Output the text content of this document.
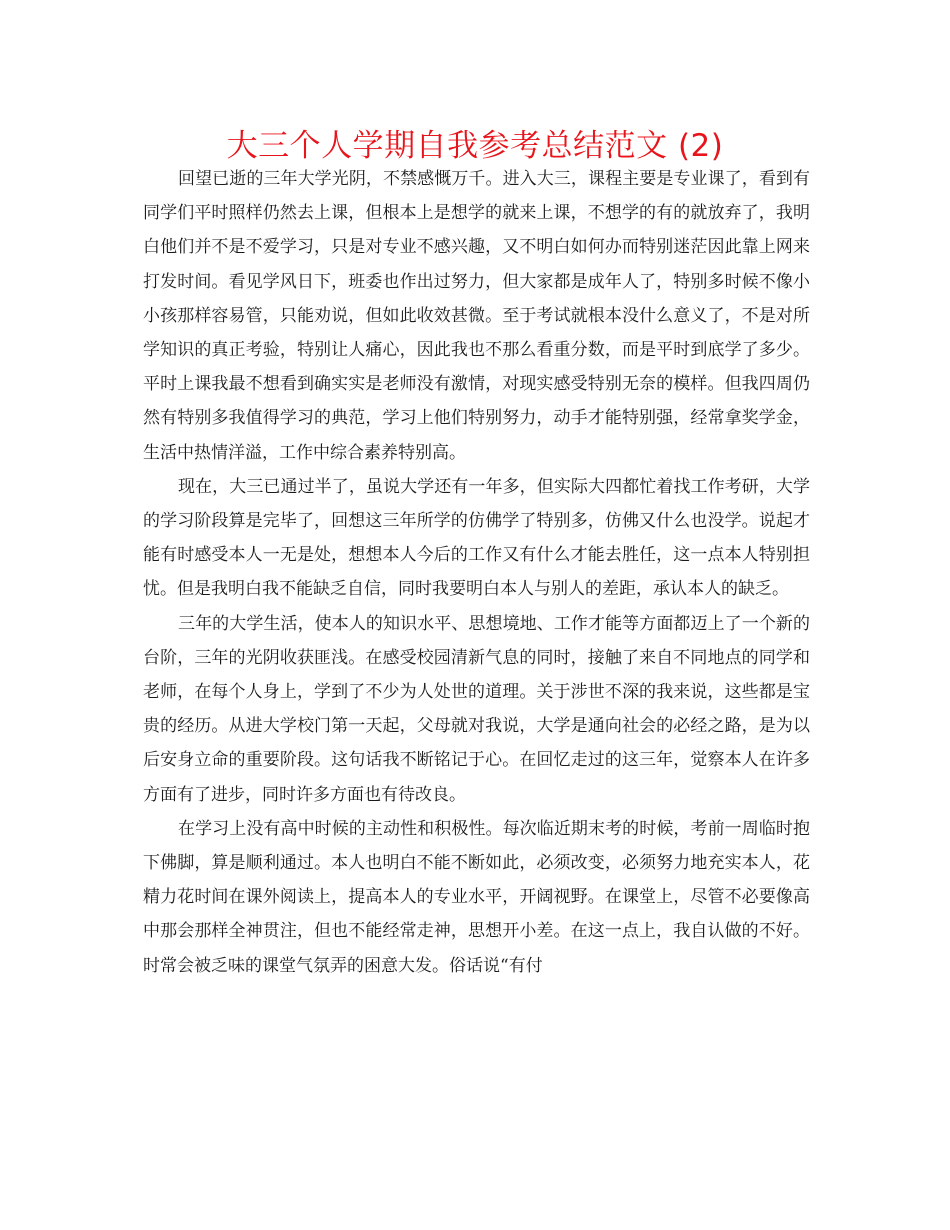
大三个人学期自我参考总结范文 (2)

回望已逝的三年大学光阴，不禁感慨万千。进入大三，课程主要是专业课了，看到有同学们平时照样仍然去上课，但根本上是想学的就来上课，不想学的有的就放弃了，我明白他们并不是不爱学习，只是对专业不感兴趣，又不明白如何办而特别迷茫因此靠上网来打发时间。看见学风日下，班委也作出过努力，但大家都是成年人了，特别多时候不像小小孩那样容易管，只能劝说，但如此收效甚微。至于考试就根本没什么意义了，不是对所学知识的真正考验，特别让人痛心，因此我也不那么看重分数，而是平时到底学了多少。平时上课我最不想看到确实实是老师没有激情，对现实感受特别无奈的模样。但我四周仍然有特别多我值得学习的典范，学习上他们特别努力，动手才能特别强，经常拿奖学金，生活中热情洋溢，工作中综合素养特别高。

现在，大三已通过半了，虽说大学还有一年多，但实际大四都忙着找工作考研，大学的学习阶段算是完毕了，回想这三年所学的仿佛学了特别多，仿佛又什么也没学。说起才能有时感受本人一无是处，想想本人今后的工作又有什么才能去胜任，这一点本人特别担忧。但是我明白我不能缺乏自信，同时我要明白本人与别人的差距，承认本人的缺乏。

三年的大学生活，使本人的知识水平、思想境地、工作才能等方面都迈上了一个新的台阶，三年的光阴收获匪浅。在感受校园清新气息的同时，接触了来自不同地点的同学和老师，在每个人身上，学到了不少为人处世的道理。关于涉世不深的我来说，这些都是宝贵的经历。从进大学校门第一天起，父母就对我说，大学是通向社会的必经之路，是为以后安身立命的重要阶段。这句话我不断铭记于心。在回忆走过的这三年，觉察本人在许多方面有了进步，同时许多方面也有待改良。

在学习上没有高中时候的主动性和积极性。每次临近期末考的时候，考前一周临时抱下佛脚，算是顺利通过。本人也明白不能不断如此，必须改变，必须努力地充实本人，花精力花时间在课外阅读上，提高本人的专业水平，开阔视野。在课堂上，尽管不必要像高中那会那样全神贯注，但也不能经常走神，思想开小差。在这一点上，我自认做的不好。时常会被乏味的课堂气氛弄的困意大发。俗话说“有付
